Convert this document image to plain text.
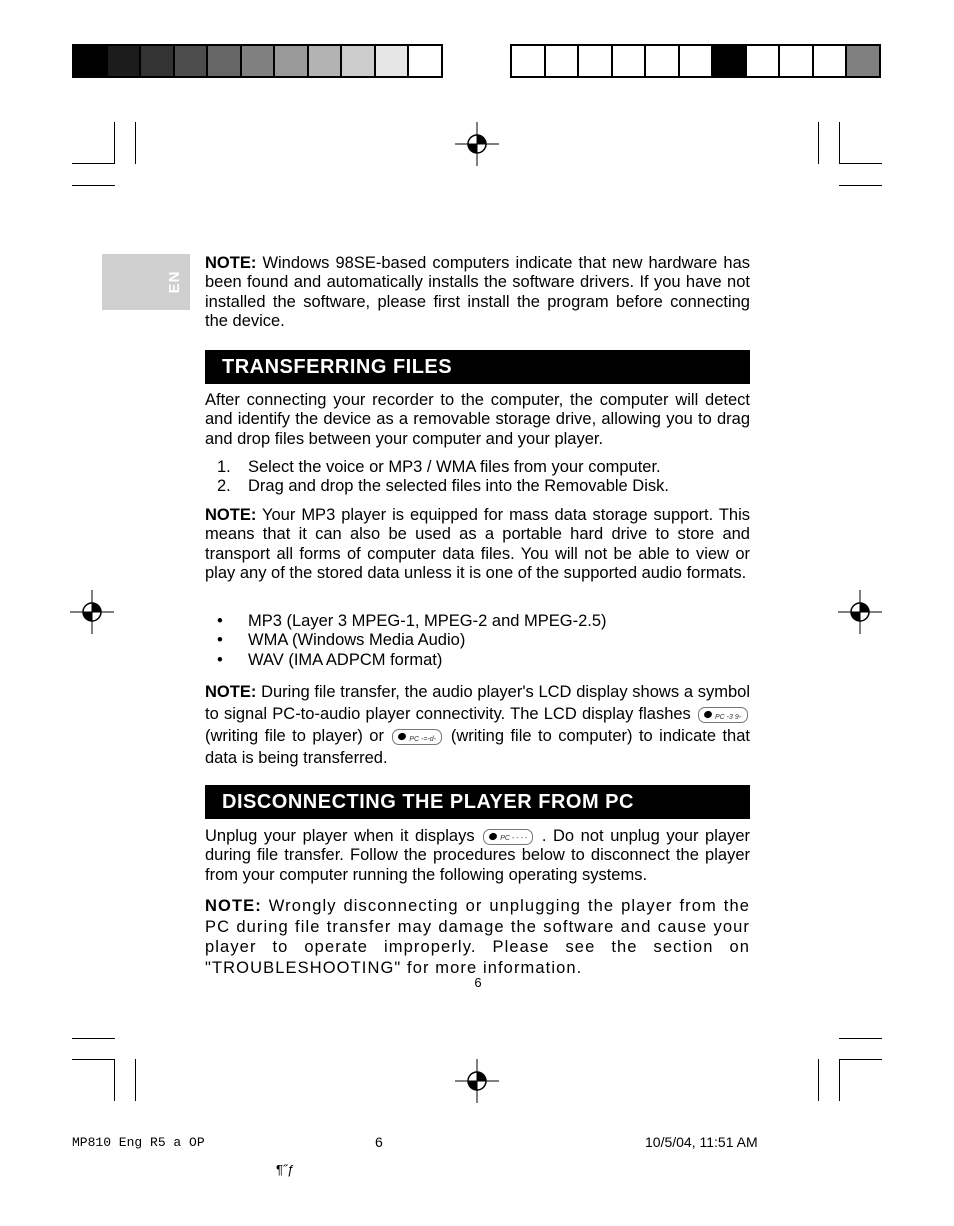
EN

NOTE: Windows 98SE-based computers indicate that new hardware has been found and automatically installs the software drivers. If you have not installed the software, please first install the program before connecting the device.

TRANSFERRING FILES

After connecting your recorder to the computer, the computer will detect and identify the device as a removable storage drive, allowing you to drag and drop files between your computer and your player.

1.	Select the voice or MP3 / WMA files from your computer.
2.	Drag and drop the selected files into the Removable Disk.

NOTE: Your MP3 player is equipped for mass data storage support. This means that it can also be used as a portable hard drive to store and transport all forms of computer data files. You will not be able to view or play any of the stored data unless it is one of the supported audio formats.

•	MP3 (Layer 3 MPEG-1, MPEG-2 and MPEG-2.5)
•	WMA (Windows Media Audio)
•	WAV (IMA ADPCM format)

NOTE: During file transfer, the audio player's LCD display shows a symbol to signal PC-to-audio player connectivity. The LCD display flashes	PC -3 9-
(writing file to player) or	PC -=-d- (writing file to computer) to indicate that data is being transferred.

DISCONNECTING THE PLAYER FROM PC

Unplug your player when it displays	PC - - - - . Do not unplug your player during file transfer. Follow the procedures below to disconnect the player from your computer running the following operating systems.

NOTE: Wrongly disconnecting or unplugging the player from the PC during file transfer may damage the software and cause your player to operate improperly. Please see the section on "TROUBLESHOOTING" for more information.

6
MP810 Eng R5 a OP	6	10/5/04, 11:51 AM
¶˝ƒ
